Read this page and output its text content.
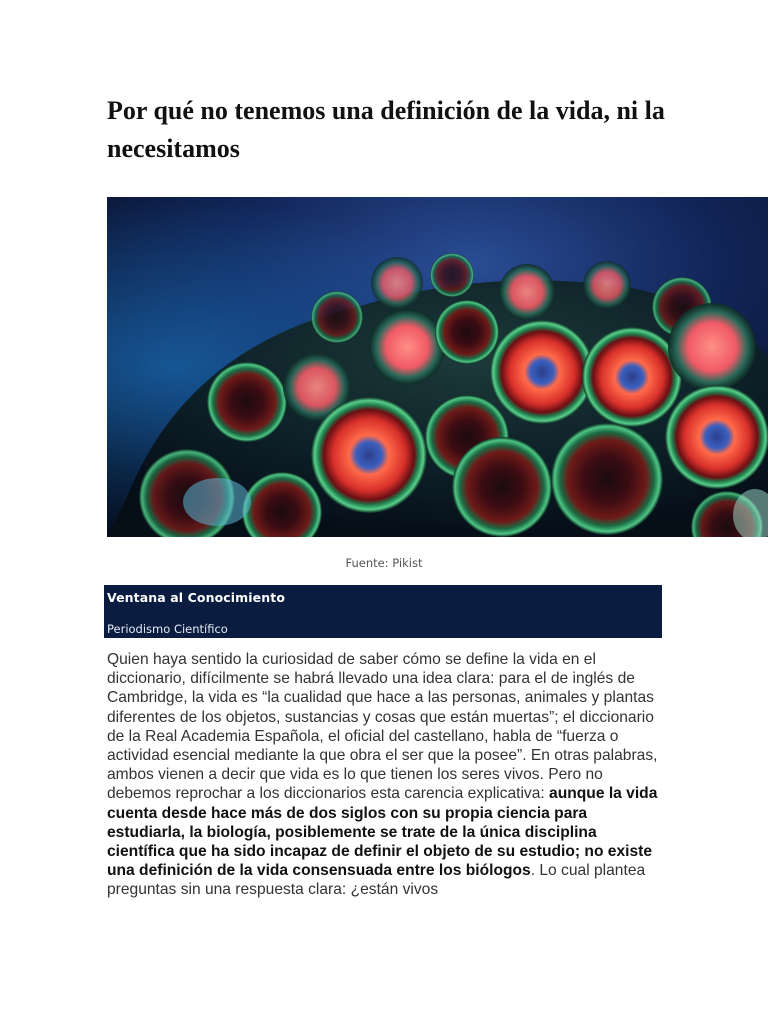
Por qué no tenemos una definición de la vida, ni la necesitamos
Fuente: Pikist
Ventana al Conocimiento
Periodismo Científico

Quien haya sentido la curiosidad de saber cómo se define la vida en el diccionario, difícilmente se habrá llevado una idea clara: para el de inglés de Cambridge, la vida es “la cualidad que hace a las personas, animales y plantas diferentes de los objetos, sustancias y cosas que están muertas”; el diccionario de la Real Academia Española, el oficial del castellano, habla de “fuerza o actividad esencial mediante la que obra el ser que la posee”. En otras palabras, ambos vienen a decir que vida es lo que tienen los seres vivos. Pero no debemos reprochar a los diccionarios esta carencia explicativa: aunque la vida cuenta desde hace más de dos siglos con su propia ciencia para estudiarla, la biología, posiblemente se trate de la única disciplina científica que ha sido incapaz de definir el objeto de su estudio; no existe una definición de la vida consensuada entre los biólogos. Lo cual plantea preguntas sin una respuesta clara: ¿están vivos
